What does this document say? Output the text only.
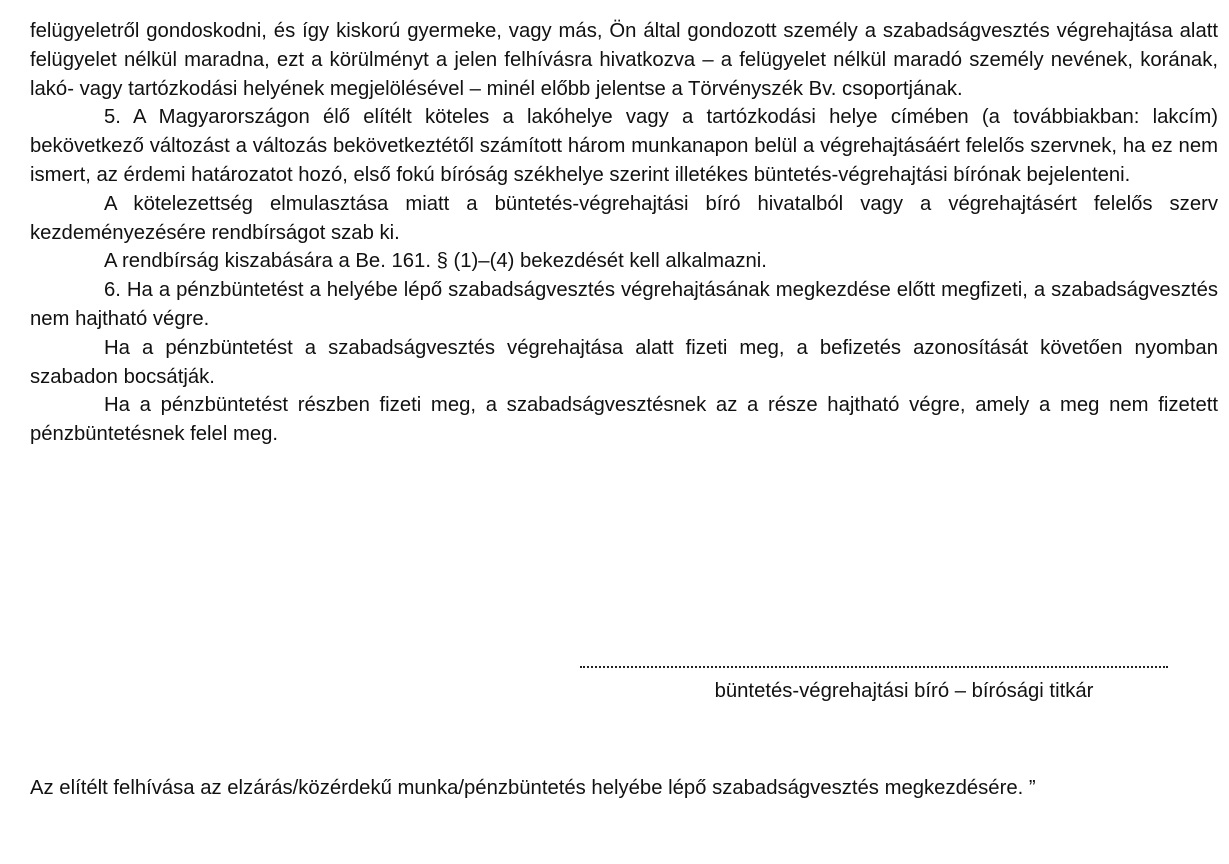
felügyeletről gondoskodni, és így kiskorú gyermeke, vagy más, Ön által gondozott személy a szabadságvesztés végrehajtása alatt felügyelet nélkül maradna, ezt a körülményt a jelen felhívásra hivatkozva – a felügyelet nélkül maradó személy nevének, korának, lakó- vagy tartózkodási helyének megjelölésével – minél előbb jelentse a Törvényszék Bv. csoportjának.

5. A Magyarországon élő elítélt köteles a lakóhelye vagy a tartózkodási helye címében (a továbbiakban: lakcím) bekövetkező változást a változás bekövetkeztétől számított három munkanapon belül a végrehajtásáért felelős szervnek, ha ez nem ismert, az érdemi határozatot hozó, első fokú bíróság székhelye szerint illetékes büntetés-végrehajtási bírónak bejelenteni.

A kötelezettség elmulasztása miatt a büntetés-végrehajtási bíró hivatalból vagy a végrehajtásért felelős szerv kezdeményezésére rendbírságot szab ki.

A rendbírság kiszabására a Be. 161. § (1)–(4) bekezdését kell alkalmazni.

6. Ha a pénzbüntetést a helyébe lépő szabadságvesztés végrehajtásának megkezdése előtt megfizeti, a szabadságvesztés nem hajtható végre.

Ha a pénzbüntetést a szabadságvesztés végrehajtása alatt fizeti meg, a befizetés azonosítását követően nyomban szabadon bocsátják.

Ha a pénzbüntetést részben fizeti meg, a szabadságvesztésnek az a része hajtható végre, amely a meg nem fizetett pénzbüntetésnek felel meg.

büntetés-végrehajtási bíró – bírósági titkár

Az elítélt felhívása az elzárás/közérdekű munka/pénzbüntetés helyébe lépő szabadságvesztés megkezdésére. ”
